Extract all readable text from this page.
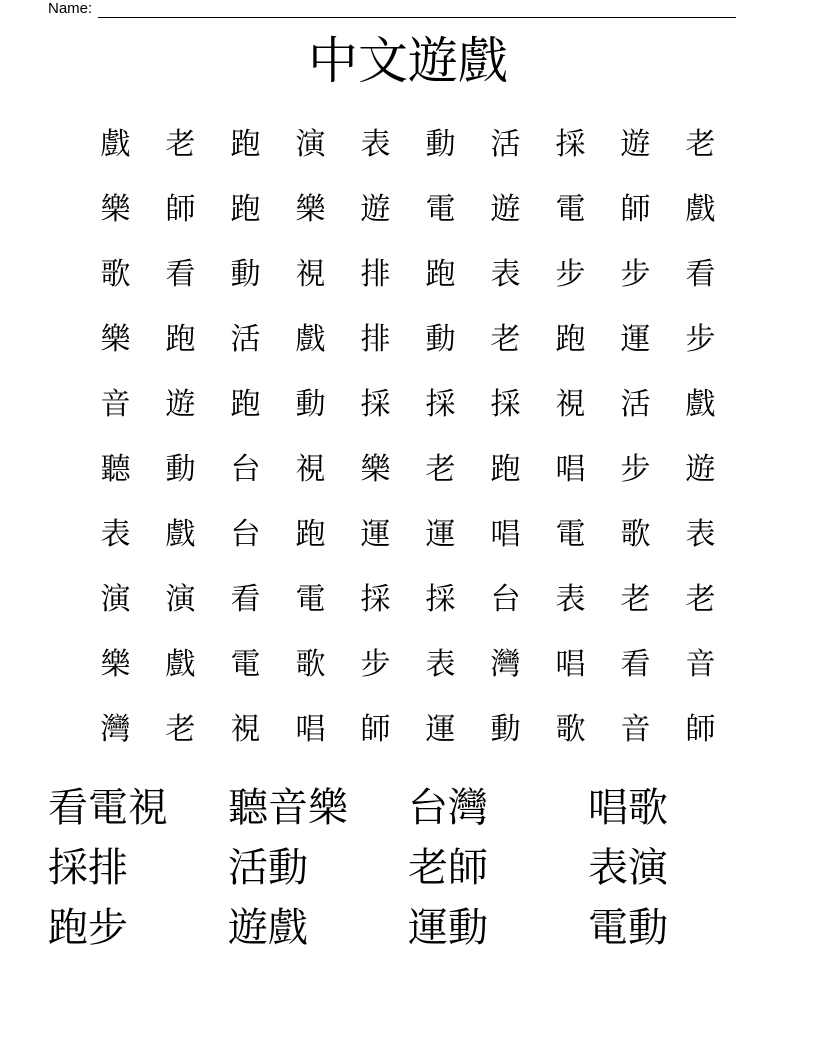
Name:
中文遊戲
戲	老	跑	演	表	動	活	採	遊	老
樂	師	跑	樂	遊	電	遊	電	師	戲
歌	看	動	視	排	跑	表	步	步	看
樂	跑	活	戲	排	動	老	跑	運	步
音	遊	跑	動	採	採	採	視	活	戲
聽	動	台	視	樂	老	跑	唱	步	遊
表	戲	台	跑	運	運	唱	電	歌	表
演	演	看	電	採	採	台	表	老	老
樂	戲	電	歌	步	表	灣	唱	看	音
灣	老	視	唱	師	運	動	歌	音	師
看電視	聽音樂	台灣	唱歌
採排	活動	老師	表演
跑步	遊戲	運動	電動
